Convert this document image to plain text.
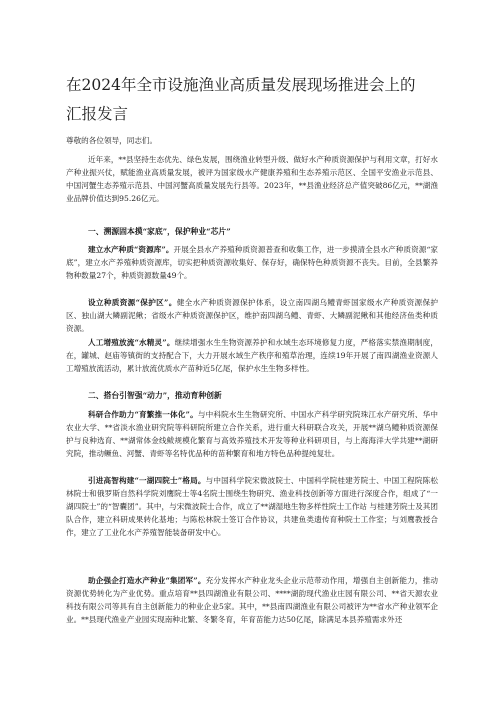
在2024年全市设施渔业高质量发展现场推进会上的
汇报发言

尊敬的各位领导，同志们。

近年来，**县坚持生态优先、绿色发展，围绕渔业转型升级、做好水产种质资源保护与利用文章，打好水产种业振兴仗，赋能渔业高质量发展，被评为国家级水产健康养殖和生态养殖示范区、全国平安渔业示范县、中国河蟹生态养殖示范县、中国河蟹高质量发展先行县等。2023年，**县渔业经济总产值突破86亿元，**湖渔业品牌价值达到95.26亿元。

一、溯源固本摸“家底”，保护种业“芯片”

建立水产种质“资源库”。开展全县水产养殖种质资源普查和收集工作，进一步摸清全县水产种质资源“家底”，建立水产养殖种质资源库，切实把种质资源收集好、保存好，确保特色种质资源不丧失。目前，全县繁养物种数量27个，种质资源数量49个。

设立种质资源“保护区”。健全水产种质资源保护体系，设立南四湖乌鳢青虾国家级水产种质资源保护区、独山湖大鳞副泥鳅；省级水产种质资源保护区，维护南四湖乌鳢、青虾、大鳞副泥鳅和其他经济鱼类种质资源。

人工增殖放流“水精灵”。继续增强水生生物资源养护和水域生态环境修复力度，严格落实禁渔期制度，在，罐城、赵庙等镇街的支持配合下，大力开展水域生产秩序和殖草治理，连续19年开展了南四湖渔业资源人工增殖放流活动，累计放流优质水产苗种近5亿尾，保护水生生物多样性。

二、搭台引智强“动力”，推动育种创新

科研合作助力“育繁推一体化”。与中科院水生生物研究所、中国水产科学研究院珠江水产研究所、华中农业大学、**省淡水渔业研究院等科研院所建立合作关系，进行重大科研联合攻关，开展**湖乌鳢种质资源保护与良种选育、**湖常体金线鲅规模化繁育与高效养殖技术开发等种业科研项目，与上海海洋大学共建**湖研究院，推动鳜鱼、河蟹、青虾等名特优品种的苗种繁育和地方特色品种提纯复壮。

引进高智构建“一湖四院士”格局。与中国科学院宋微波院士、中国科学院桂建芳院士、中国工程院陈松林院士和俄罗斯自然科学院刘鹰院士等4名院士围绕生物研究、渔业科技创新等方面进行深度合作，组成了“一湖四院士”的“智囊团”。其中，与宋微波院士合作，成立了**湖湿地生物多样性院士工作站 与桂建芳院士及其团队合作，建立科研成果转化基地；与陈松林院士签订合作协议，共建鱼类遗传育种院士工作室；与刘鹰教授合作，建立了工业化水产养殖智能装备研发中心。

助企强企打造水产种业“集团军”。充分发挥水产种业龙头企业示范带动作用，增强自主创新能力，推动资源优势转化为产业优势。重点培育**县四湖渔业有限公司、****湖韵现代渔业庄园有限公司、**省天源农业科技有限公司等具有自主创新能力的种业企业5家。其中，**县南四湖渔业有限公司被评为**省水产种业领军企业。**县现代渔业产业园实现南种北繁、冬繁冬育，年育苗能力达50亿尾，除满足本县养殖需求外还
